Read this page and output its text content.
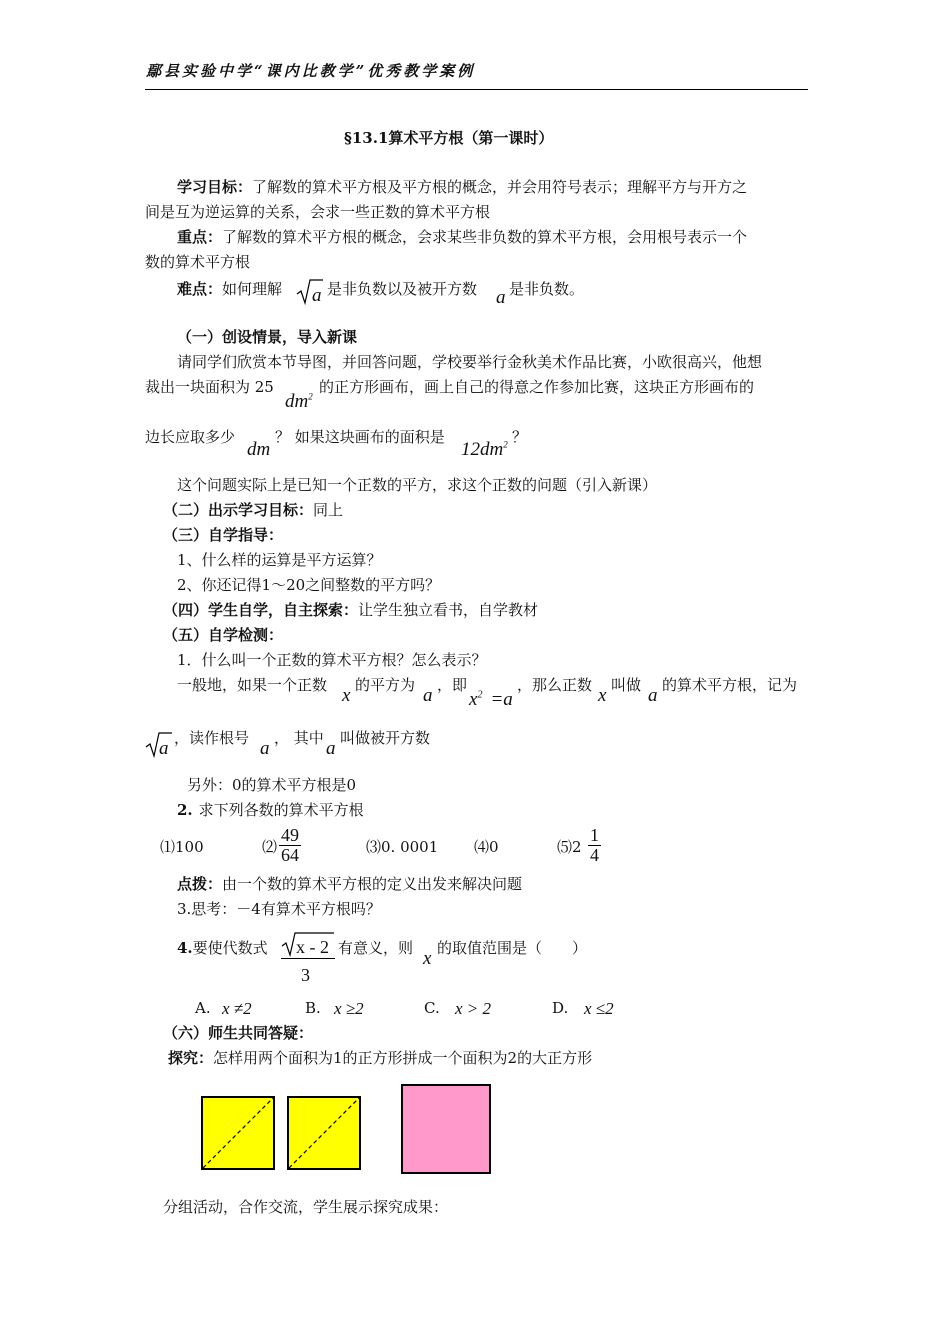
鄢县实验中学“课内比教学”优秀教学案例
§13.1算术平方根（第一课时）
学习目标：了解数的算术平方根及平方根的概念，并会用符号表示；理解平方与开方之
间是互为逆运算的关系，会求一些正数的算术平方根
重点：了解数的算术平方根的概念，会求某些非负数的算术平方根，会用根号表示一个
数的算术平方根
难点：如何理解 a 是非负数以及被开方数 a 是非负数。
（一）创设情景，导入新课
请同学们欣赏本节导图，并回答问题，学校要举行金秋美术作品比赛，小欧很高兴，他想
裁出一块面积为 25
$dm^2$
的正方形画布，画上自己的得意之作参加比赛，这块正方形画布的
边长应取多少
dm
？ 如果这块画布的面积是
$12dm^2$ ？
这个问题实际上是已知一个正数的平方，求这个正数的问题（引入新课）
（二）出示学习目标：同上
（三）自学指导：
1、什么样的运算是平方运算？
2、你还记得1～20之间整数的平方吗？
（四）学生自学，自主探索：让学生独立看书，自学教材
（五）自学检测：
1．什么叫一个正数的算术平方根？怎么表示？
一般地，如果一个正数 x 的平方为 a ，即
$x^2 =a$
，那么正数 x 叫做 a 的算术平方根，记为
a ，读作根号 a ， 其中 a 叫做被开方数
另外：0的算术平方根是0
2. 求下列各数的算术平方根
⑴100	⑵ $\frac{49}{64}$	⑶0. 0001 ⑷0	⑸2 $\frac{1}{4}$
点拨：由一个数的算术平方根的定义出发来解决问题
3.思考：－4有算术平方根吗？
4.要使代数式 x - 2
3
有意义，则 x 的取值范围是（　　）
A. x ≠2	B. x ≥2	C. x > 2	D. x ≤2
（六）师生共同答疑：
探究：怎样用两个面积为1的正方形拼成一个面积为2的大正方形
分组活动，合作交流，学生展示探究成果：
